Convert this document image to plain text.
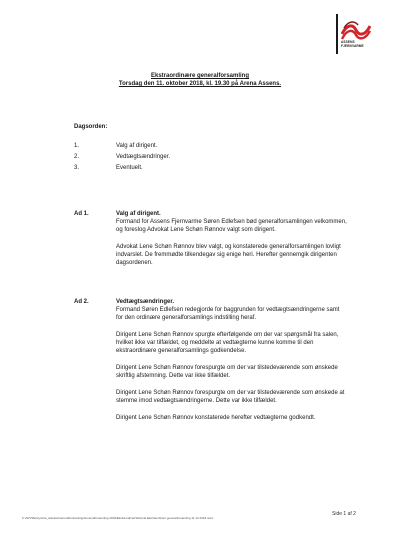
ASSENS
FJERNVARME
Ekstraordinære generalforsamling
Torsdag den 11. oktober 2018, kl. 19.30 på Arena Assens.
Dagsorden:
1.	Valg af dirigent.
2.	Vedtægtsændringer.
3.	Eventuelt.
Ad 1.	Valg af dirigent.

Formand for Assens Fjernvarme Søren Edlefsen bød generalforsamlingen velkommen, og foreslog Advokat Lene Schøn Rønnov valgt som dirigent.

Advokat Lene Schøn Rønnov blev valgt, og konstaterede generalforsamlingen lovligt indvarslet. De fremmødte tilkendegav sig enige heri. Herefter gennemgik dirigenten dagsordenen.

Ad 2.	Vedtægtsændringer.

Formand Søren Edlefsen redegjorde for baggrunden for vedtægtsændringerne samt for den ordinære generalforsamlings indstilling heraf.

Dirigent Lene Schøn Rønnov spurgte efterfølgende om der var spørgsmål fra salen, hvilket ikke var tilfældet, og meddelte at vedtægterne kunne komme til den ekstraordinære generalforsamlings godkendelse.

Dirigent Lene Schøn Rønnov forespurgte om der var tilstedeværende som ønskede skriftlig afstemning. Dette var ikke tilfældet.

Dirigent Lene Schøn Rønnov forespurgte om der var tilstedeværende som ønskede at stemme imod vedtægtsændringerne. Dette var ikke tilfældet.

Dirigent Lene Schøn Rønnov konstaterede herefter vedtægterne godkendt.

K:\APV\Bestyrelse_ledelse\Generalforsamling\Generalforsamling 2018\Ekstraordinær\Referat Ekstraordinær generalforsamling 11 10 2018.docx
Side 1 af 2
